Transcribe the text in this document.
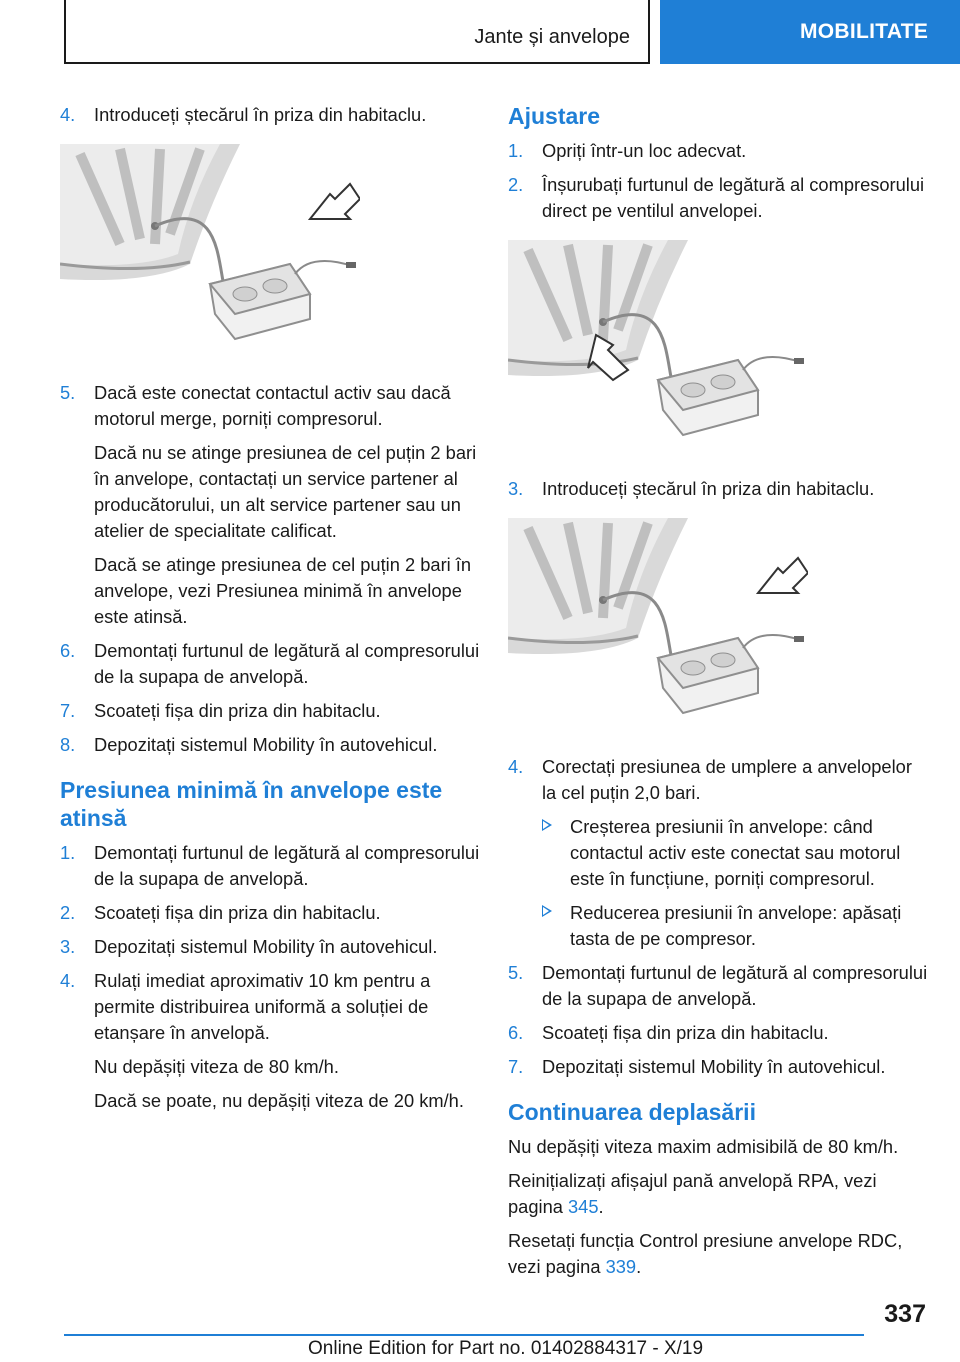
Jante și anvelope	MOBILITATE
4. Introduceți ștecărul în priza din habitaclu.

5. Dacă este conectat contactul activ sau dacă motorul merge, porniți compresorul.

Dacă nu se atinge presiunea de cel puțin 2 bari în anvelope, contactați un service partener al producătorului, un alt service partener sau un atelier de specialitate calificat.

Dacă se atinge presiunea de cel puțin 2 bari în anvelope, vezi Presiunea minimă în anvelope este atinsă.

6. Demontați furtunul de legătură al compresorului de la supapa de anvelopă.

7. Scoateți fișa din priza din habitaclu.

8. Depozitați sistemul Mobility în autovehicul.

Presiunea minimă în anvelope este atinsă
1. Demontați furtunul de legătură al compresorului de la supapa de anvelopă.

2. Scoateți fișa din priza din habitaclu.

3. Depozitați sistemul Mobility în autovehicul.

4. Rulați imediat aproximativ 10 km pentru a permite distribuirea uniformă a soluției de etanșare în anvelopă.

Nu depășiți viteza de 80 km/h.

Dacă se poate, nu depășiți viteza de 20 km/h.

Ajustare
1. Opriți într-un loc adecvat.

2. Înșurubați furtunul de legătură al compresorului direct pe ventilul anvelopei.

3. Introduceți ștecărul în priza din habitaclu.

4. Corectați presiunea de umplere a anvelopelor la cel puțin 2,0 bari.

Creșterea presiunii în anvelope: când contactul activ este conectat sau motorul este în funcțiune, porniți compresorul.

Reducerea presiunii în anvelope: apăsați tasta de pe compresor.

5. Demontați furtunul de legătură al compresorului de la supapa de anvelopă.

6. Scoateți fișa din priza din habitaclu.

7. Depozitați sistemul Mobility în autovehicul.

Continuarea deplasării

Nu depășiți viteza maxim admisibilă de 80 km/h.

Reinițializați afișajul pană anvelopă RPA, vezi pagina 345.

Resetați funcția Control presiune anvelope RDC, vezi pagina 339.

337
Online Edition for Part no. 01402884317 - X/19
